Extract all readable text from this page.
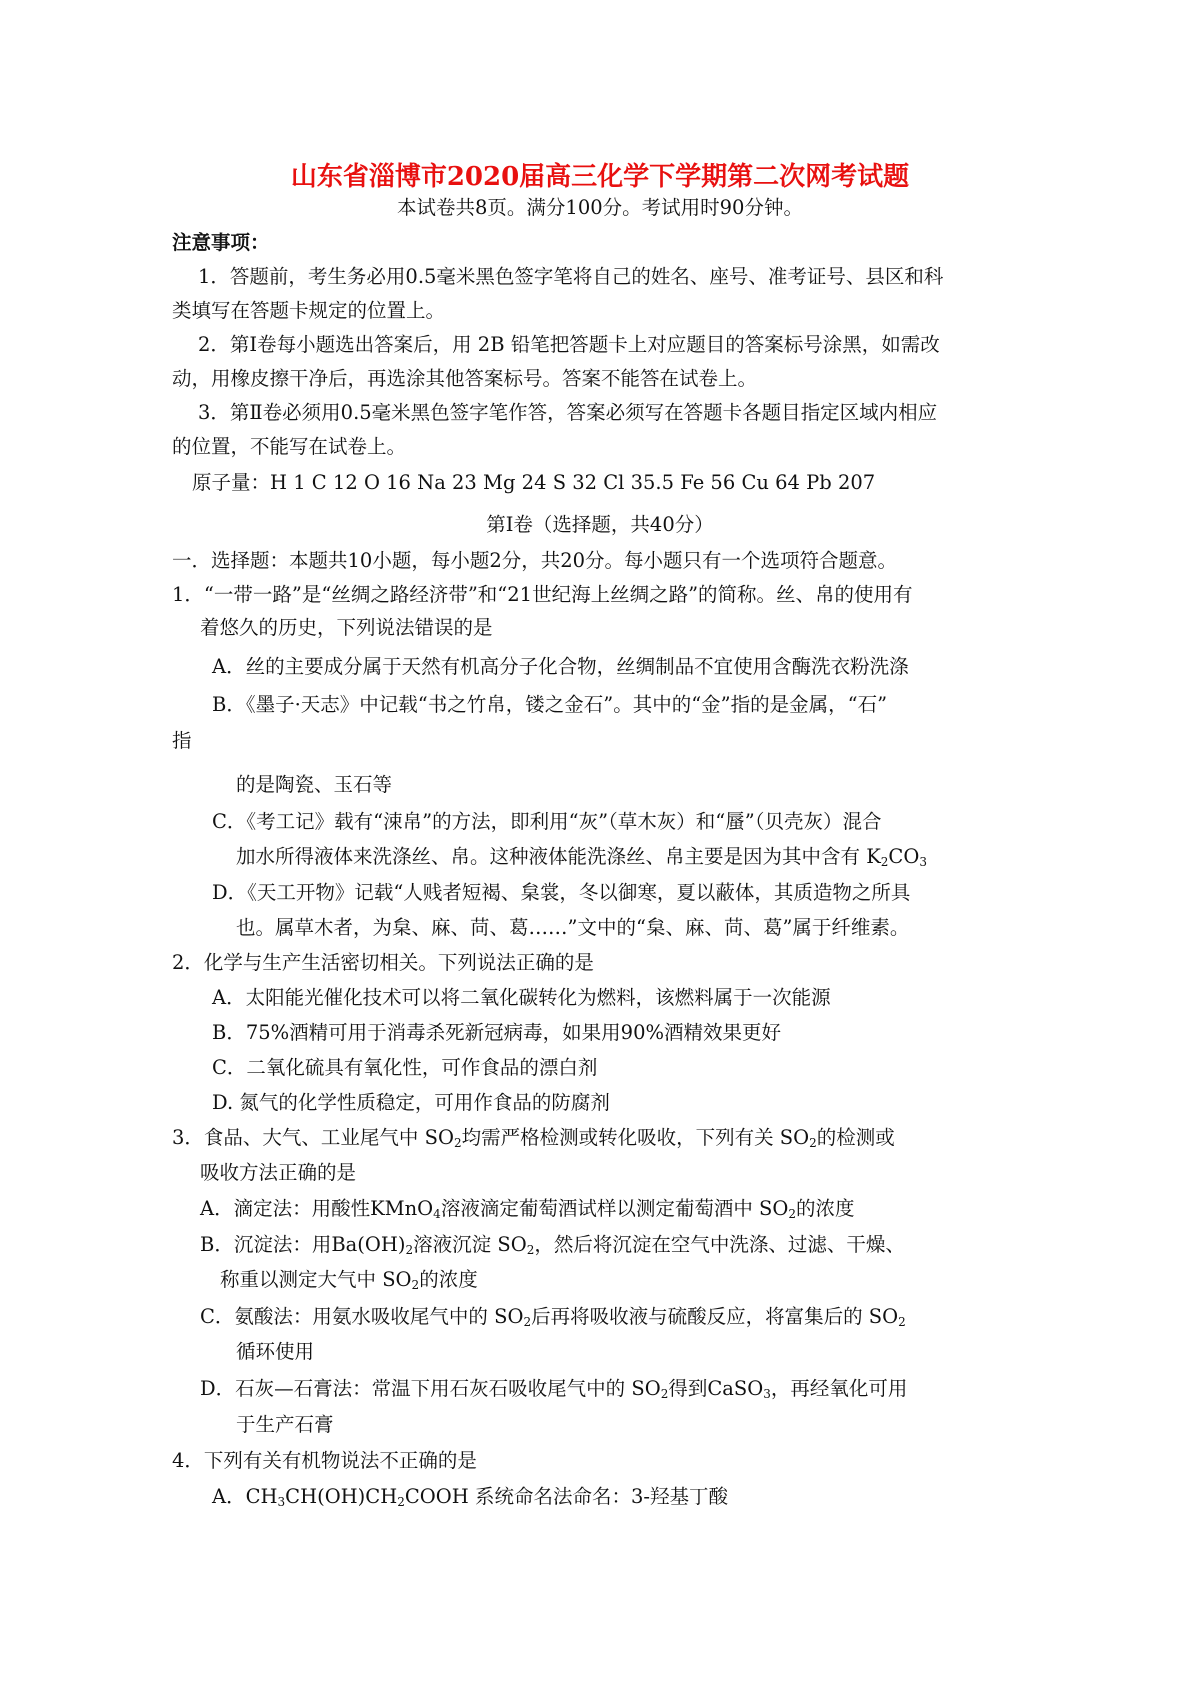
山东省淄博市2020届高三化学下学期第二次网考试题
本试卷共8页。满分100分。考试用时90分钟。
注意事项：
1．答题前，考生务必用0.5毫米黑色签字笔将自己的姓名、座号、准考证号、县区和科
类填写在答题卡规定的位置上。
2．第Ⅰ卷每小题选出答案后，用 2B 铅笔把答题卡上对应题目的答案标号涂黑，如需改
动，用橡皮擦干净后，再选涂其他答案标号。答案不能答在试卷上。
3．第Ⅱ卷必须用0.5毫米黑色签字笔作答，答案必须写在答题卡各题目指定区域内相应
的位置，不能写在试卷上。
原子量：H 1 C 12 O 16 Na 23 Mg 24 S 32 Cl 35.5 Fe 56 Cu 64 Pb 207
第Ⅰ卷（选择题，共40分）
一．选择题：本题共10小题，每小题2分，共20分。每小题只有一个选项符合题意。
1．“一带一路”是“丝绸之路经济带”和“21世纪海上丝绸之路”的简称。丝、帛的使用有
着悠久的历史，下列说法错误的是
A．丝的主要成分属于天然有机高分子化合物，丝绸制品不宜使用含酶洗衣粉洗涤
B．《墨子·天志》中记载“书之竹帛，镂之金石”。其中的“金”指的是金属，“石”
指
的是陶瓷、玉石等
C．《考工记》载有“涑帛”的方法，即利用“灰”（草木灰）和“蜃”（贝壳灰）混合
加水所得液体来洗涤丝、帛。这种液体能洗涤丝、帛主要是因为其中含有 $K_2CO_3$
D．《天工开物》记载“人贱者短褐、枲裳，冬以御寒，夏以蔽体，其质造物之所具
也。属草木者，为枲、麻、苘、葛……”文中的“枲、麻、苘、葛”属于纤维素。
2．化学与生产生活密切相关。下列说法正确的是
A．太阳能光催化技术可以将二氧化碳转化为燃料，该燃料属于一次能源
B．75%酒精可用于消毒杀死新冠病毒，如果用90%酒精效果更好
C．二氧化硫具有氧化性，可作食品的漂白剂
D. 氮气的化学性质稳定，可用作食品的防腐剂
3．食品、大气、工业尾气中 $SO_2$均需严格检测或转化吸收，下列有关 $SO_2$的检测或
吸收方法正确的是
A．滴定法：用酸性KMnO$_4$溶液滴定葡萄酒试样以测定葡萄酒中 $SO_2$的浓度
B．沉淀法：用$Ba(OH)_2$溶液沉淀 $SO_2$，然后将沉淀在空气中洗涤、过滤、干燥、
称重以测定大气中 $SO_2$的浓度
C．氨酸法：用氨水吸收尾气中的 $SO_2$后再将吸收液与硫酸反应，将富集后的 $SO_2$
循环使用
D．石灰—石膏法：常温下用石灰石吸收尾气中的 $SO_2$得到CaSO$_3$，再经氧化可用
于生产石膏
4．下列有关有机物说法不正确的是
A．$CH_3CH(OH)CH_2COOH$ 系统命名法命名：3-羟基丁酸
